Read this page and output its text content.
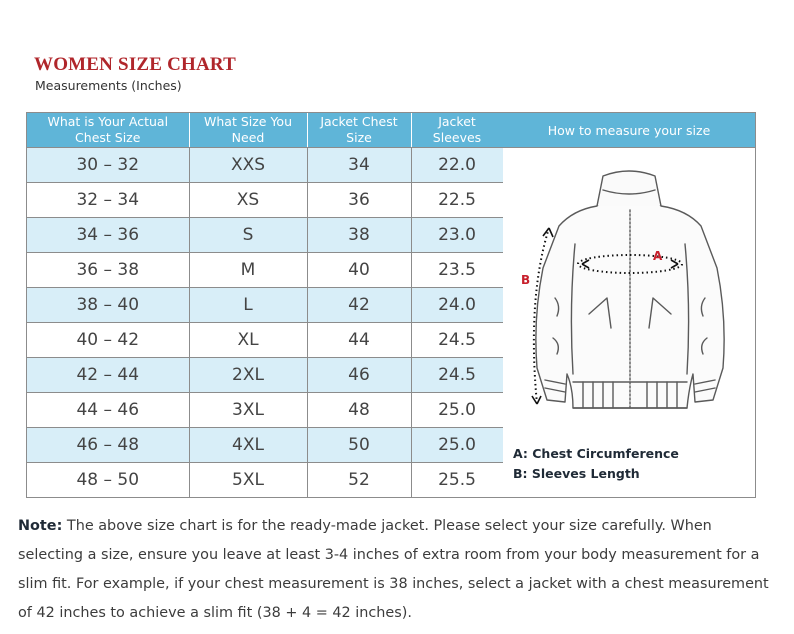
WOMEN SIZE CHART
Measurements (Inches)
What is Your Actual Chest Size	What Size You Need	Jacket Chest Size	Jacket Sleeves
30 – 32	XXS	34	22.0
32 – 34	XS	36	22.5
34 – 36	S	38	23.0
36 – 38	M	40	23.5
38 – 40	L	42	24.0
40 – 42	XL	44	24.5
42 – 44	2XL	46	24.5
44 – 46	3XL	48	25.0
46 – 48	4XL	50	25.0
48 – 50	5XL	52	25.5
How to measure your size
A
B
A: Chest Circumference
B: Sleeves Length
Note: The above size chart is for the ready-made jacket. Please select your size carefully. When selecting a size, ensure you leave at least 3-4 inches of extra room from your body measurement for a slim fit. For example, if your chest measurement is 38 inches, select a jacket with a chest measurement of 42 inches to achieve a slim fit (38 + 4 = 42 inches).
